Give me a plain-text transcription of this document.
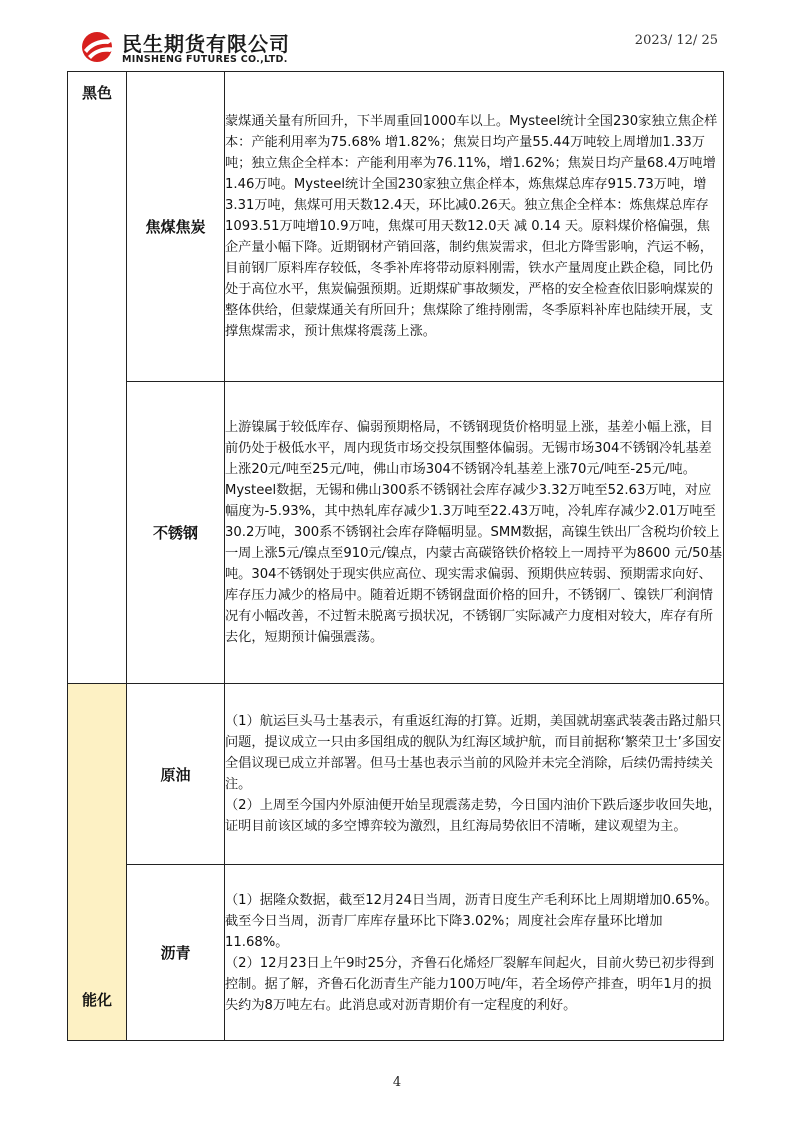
民生期货有限公司
MINSHENG FUTURES CO.,LTD.
2023/ 12/ 25
黑色	焦煤焦炭	蒙煤通关量有所回升，下半周重回1000车以上。Mysteel统计全国230家独立焦企样本：产能利用率为75.68% 增1.82%；焦炭日均产量55.44万吨较上周增加1.33万吨；独立焦企全样本：产能利用率为76.11%，增1.62%；焦炭日均产量68.4万吨增1.46万吨。Mysteel统计全国230家独立焦企样本，炼焦煤总库存915.73万吨，增3.31万吨，焦煤可用天数12.4天，环比减0.26天。独立焦企全样本：炼焦煤总库存1093.51万吨增10.9万吨，焦煤可用天数12.0天 减 0.14 天。原料煤价格偏强，焦企产量小幅下降。近期钢材产销回落，制约焦炭需求，但北方降雪影响，汽运不畅，目前钢厂原料库存较低，冬季补库将带动原料刚需，铁水产量周度止跌企稳，同比仍处于高位水平，焦炭偏强预期。近期煤矿事故频发，严格的安全检查依旧影响煤炭的整体供给，但蒙煤通关有所回升；焦煤除了维持刚需，冬季原料补库也陆续开展，支撑焦煤需求，预计焦煤将震荡上涨。

	不锈钢	上游镍属于较低库存、偏弱预期格局，不锈钢现货价格明显上涨，基差小幅上涨，目前仍处于极低水平，周内现货市场交投氛围整体偏弱。无锡市场304不锈钢冷轧基差上涨20元/吨至25元/吨，佛山市场304不锈钢冷轧基差上涨70元/吨至-25元/吨。Mysteel数据，无锡和佛山300系不锈钢社会库存减少3.32万吨至52.63万吨，对应幅度为-5.93%，其中热轧库存减少1.3万吨至22.43万吨，冷轧库存减少2.01万吨至30.2万吨，300系不锈钢社会库存降幅明显。SMM数据，高镍生铁出厂含税均价较上一周上涨5元/镍点至910元/镍点，内蒙古高碳铬铁价格较上一周持平为8600 元/50基吨。304不锈钢处于现实供应高位、现实需求偏弱、预期供应转弱、预期需求向好、库存压力减少的格局中。随着近期不锈钢盘面价格的回升，不锈钢厂、镍铁厂利润情况有小幅改善，不过暂未脱离亏损状况，不锈钢厂实际减产力度相对较大，库存有所去化，短期预计偏强震荡。

能化	原油	（1）航运巨头马士基表示，有重返红海的打算。近期，美国就胡塞武装袭击路过船只问题，提议成立一只由多国组成的舰队为红海区域护航，而目前据称‘繁荣卫士’多国安全倡议现已成立并部署。但马士基也表示当前的风险并未完全消除，后续仍需持续关注。

（2）上周至今国内外原油便开始呈现震荡走势，今日国内油价下跌后逐步收回失地，证明目前该区域的多空博弈较为激烈，且红海局势依旧不清晰，建议观望为主。

	沥青	（1）据隆众数据，截至12月24日当周，沥青日度生产毛利环比上周期增加0.65%。截至今日当周，沥青厂库库存量环比下降3.02%；周度社会库存量环比增加11.68%。

（2）12月23日上午9时25分，齐鲁石化烯烃厂裂解车间起火，目前火势已初步得到控制。据了解，齐鲁石化沥青生产能力100万吨/年，若全场停产排查，明年1月的损失约为8万吨左右。此消息或对沥青期价有一定程度的利好。

4
